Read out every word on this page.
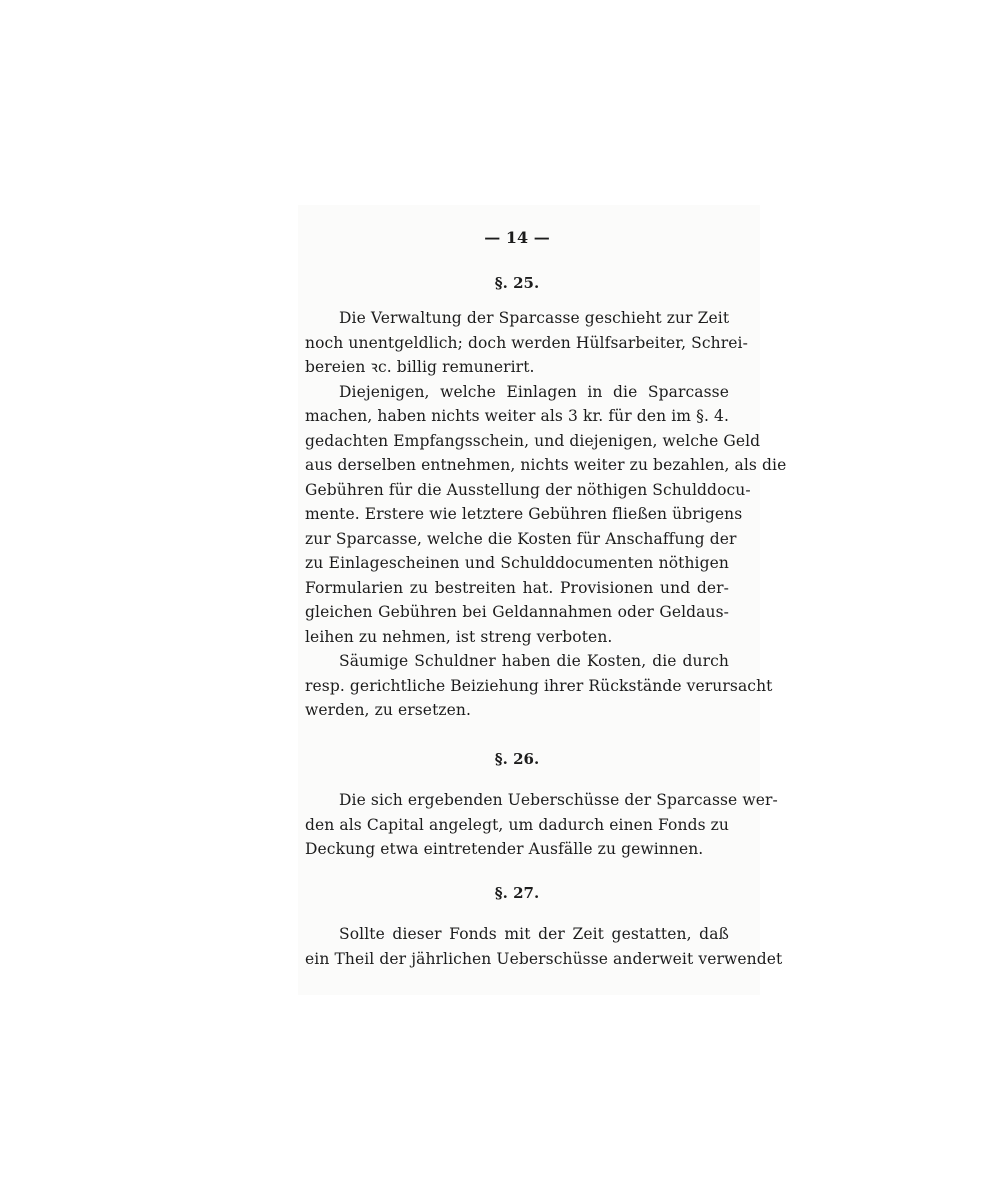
— 14 —
§. 25.
Die Verwaltung der Sparcasse geschieht zur Zeit
noch unentgeldlich; doch werden Hülfsarbeiter, Schrei-
bereien ꝛc. billig remunerirt.
Diejenigen, welche Einlagen in die Sparcasse
machen, haben nichts weiter als 3 kr. für den im §. 4.
gedachten Empfangsschein, und diejenigen, welche Geld
aus derselben entnehmen, nichts weiter zu bezahlen, als die
Gebühren für die Ausstellung der nöthigen Schulddocu-
mente. Erstere wie letztere Gebühren fließen übrigens
zur Sparcasse, welche die Kosten für Anschaffung der
zu Einlagescheinen und Schulddocumenten nöthigen
Formularien zu bestreiten hat. Provisionen und der-
gleichen Gebühren bei Geldannahmen oder Geldaus-
leihen zu nehmen, ist streng verboten.
Säumige Schuldner haben die Kosten, die durch
resp. gerichtliche Beiziehung ihrer Rückstände verursacht
werden, zu ersetzen.
§. 26.
Die sich ergebenden Ueberschüsse der Sparcasse wer-
den als Capital angelegt, um dadurch einen Fonds zu
Deckung etwa eintretender Ausfälle zu gewinnen.
§. 27.
Sollte dieser Fonds mit der Zeit gestatten, daß
ein Theil der jährlichen Ueberschüsse anderweit verwendet
